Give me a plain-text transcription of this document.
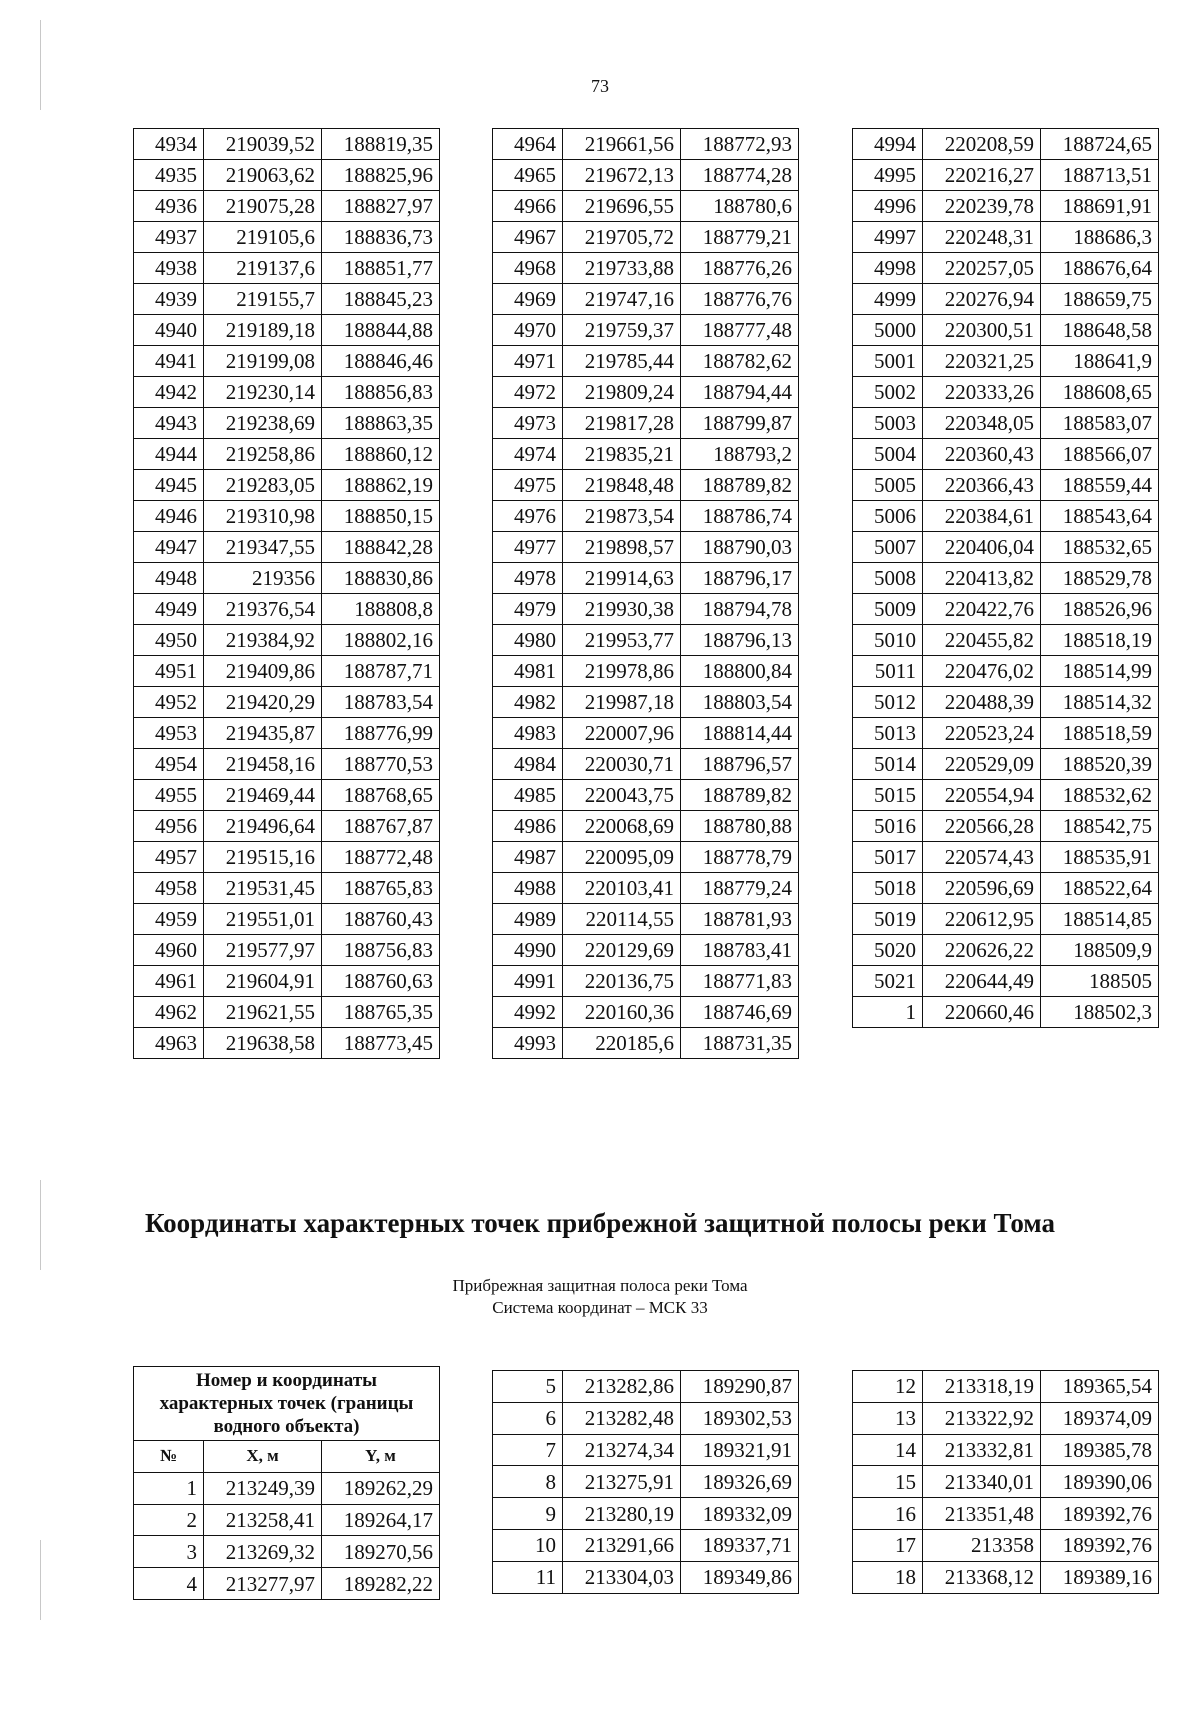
73
4934	219039,52	188819,35
4935	219063,62	188825,96
4936	219075,28	188827,97
4937	219105,6	188836,73
4938	219137,6	188851,77
4939	219155,7	188845,23
4940	219189,18	188844,88
4941	219199,08	188846,46
4942	219230,14	188856,83
4943	219238,69	188863,35
4944	219258,86	188860,12
4945	219283,05	188862,19
4946	219310,98	188850,15
4947	219347,55	188842,28
4948	219356	188830,86
4949	219376,54	188808,8
4950	219384,92	188802,16
4951	219409,86	188787,71
4952	219420,29	188783,54
4953	219435,87	188776,99
4954	219458,16	188770,53
4955	219469,44	188768,65
4956	219496,64	188767,87
4957	219515,16	188772,48
4958	219531,45	188765,83
4959	219551,01	188760,43
4960	219577,97	188756,83
4961	219604,91	188760,63
4962	219621,55	188765,35
4963	219638,58	188773,45
4964	219661,56	188772,93
4965	219672,13	188774,28
4966	219696,55	188780,6
4967	219705,72	188779,21
4968	219733,88	188776,26
4969	219747,16	188776,76
4970	219759,37	188777,48
4971	219785,44	188782,62
4972	219809,24	188794,44
4973	219817,28	188799,87
4974	219835,21	188793,2
4975	219848,48	188789,82
4976	219873,54	188786,74
4977	219898,57	188790,03
4978	219914,63	188796,17
4979	219930,38	188794,78
4980	219953,77	188796,13
4981	219978,86	188800,84
4982	219987,18	188803,54
4983	220007,96	188814,44
4984	220030,71	188796,57
4985	220043,75	188789,82
4986	220068,69	188780,88
4987	220095,09	188778,79
4988	220103,41	188779,24
4989	220114,55	188781,93
4990	220129,69	188783,41
4991	220136,75	188771,83
4992	220160,36	188746,69
4993	220185,6	188731,35
4994	220208,59	188724,65
4995	220216,27	188713,51
4996	220239,78	188691,91
4997	220248,31	188686,3
4998	220257,05	188676,64
4999	220276,94	188659,75
5000	220300,51	188648,58
5001	220321,25	188641,9
5002	220333,26	188608,65
5003	220348,05	188583,07
5004	220360,43	188566,07
5005	220366,43	188559,44
5006	220384,61	188543,64
5007	220406,04	188532,65
5008	220413,82	188529,78
5009	220422,76	188526,96
5010	220455,82	188518,19
5011	220476,02	188514,99
5012	220488,39	188514,32
5013	220523,24	188518,59
5014	220529,09	188520,39
5015	220554,94	188532,62
5016	220566,28	188542,75
5017	220574,43	188535,91
5018	220596,69	188522,64
5019	220612,95	188514,85
5020	220626,22	188509,9
5021	220644,49	188505
1	220660,46	188502,3
Координаты характерных точек прибрежной защитной полосы реки Тома
Прибрежная защитная полоса реки Тома
Система координат – МСК 33
Номер и координаты характерных точек (границы водного объекта)		
№	X, м	Y, м
1	213249,39	189262,29
2	213258,41	189264,17
3	213269,32	189270,56
4	213277,97	189282,22
5	213282,86	189290,87
6	213282,48	189302,53
7	213274,34	189321,91
8	213275,91	189326,69
9	213280,19	189332,09
10	213291,66	189337,71
11	213304,03	189349,86
12	213318,19	189365,54
13	213322,92	189374,09
14	213332,81	189385,78
15	213340,01	189390,06
16	213351,48	189392,76
17	213358	189392,76
18	213368,12	189389,16
